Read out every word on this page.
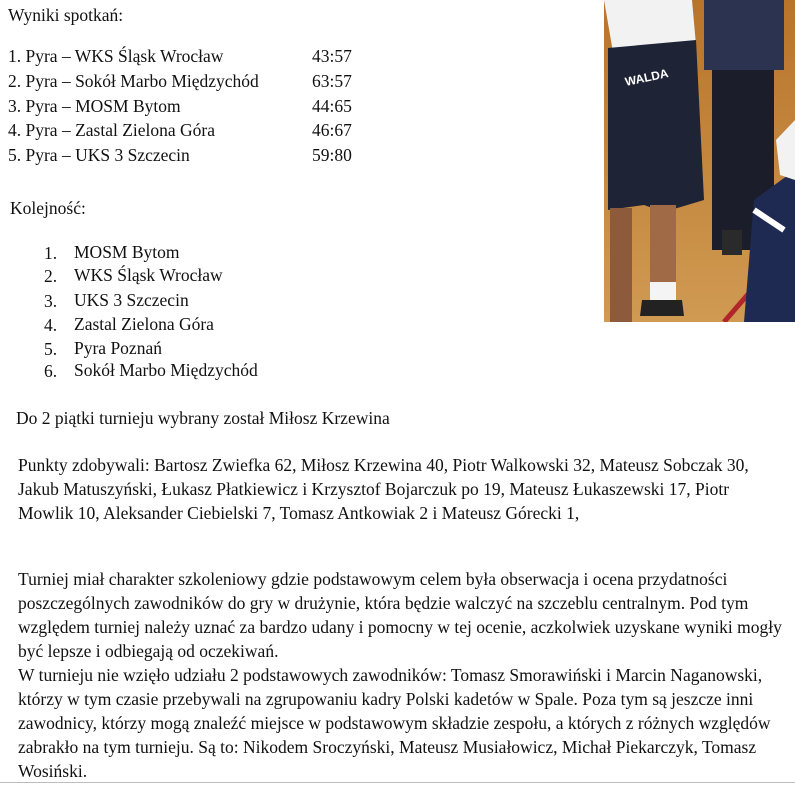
Wyniki spotkań:
1. Pyra – WKS Śląsk Wrocław	43:57
2. Pyra – Sokół Marbo Międzychód	63:57
3. Pyra – MOSM Bytom	44:65
4. Pyra – Zastal Zielona Góra	46:67
5. Pyra – UKS 3 Szczecin	59:80
Kolejność:
1. MOSM Bytom
2. WKS Śląsk Wrocław
3. UKS 3 Szczecin
4. Zastal Zielona Góra
5. Pyra Poznań
6. Sokół Marbo Międzychód
Do 2 piątki turnieju wybrany został Miłosz Krzewina
Punkty zdobywali: Bartosz Zwiefka 62, Miłosz Krzewina 40, Piotr Walkowski 32, Mateusz Sobczak 30, Jakub Matuszyński, Łukasz Płatkiewicz i Krzysztof Bojarczuk po 19, Mateusz Łukaszewski 17, Piotr Mowlik 10, Aleksander Ciebielski 7, Tomasz Antkowiak 2 i Mateusz Górecki 1,
Turniej miał charakter szkoleniowy gdzie podstawowym celem była obserwacja i ocena przydatności poszczególnych zawodników do gry w drużynie, która będzie walczyć na szczeblu centralnym. Pod tym względem turniej należy uznać za bardzo udany i pomocny w tej ocenie, aczkolwiek uzyskane wyniki mogły być lepsze i odbiegają od oczekiwań.
W turnieju nie wzięło udziału 2 podstawowych zawodników: Tomasz Smorawiński i Marcin Naganowski, którzy w tym czasie przebywali na zgrupowaniu kadry Polski kadetów w Spale. Poza tym są jeszcze inni zawodnicy, którzy mogą znaleźć miejsce w podstawowym składzie zespołu, a których z różnych względów zabrakło na tym turnieju. Są to: Nikodem Sroczyński, Mateusz Musiałowicz, Michał Piekarczyk, Tomasz Wosiński.
WALDA
